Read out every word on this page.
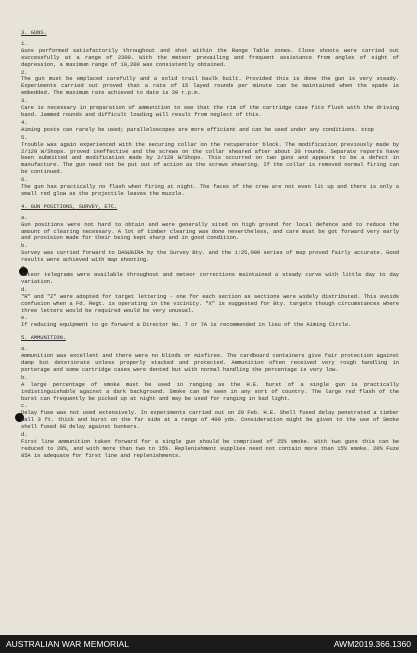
3. GUNS.
1.
Guns performed satisfactorily throughout and shot within the Range Table zones. Close shoots were carried out successfully at a range of 2300. With the meteor prevailing and frequent assistance from angles of sight of depression, a maximum range of 10,200 was consistently obtained.
2.
The gun must be emplaced carefully and a solid trail baulk built. Provided this is done the gun is very steady. Experiments carried out proved that a rate of 15 layed rounds per minute can be maintained when the spade is embedded. The maximum rate achieved to date is 20 r.p.m.
3.
Care is necessary in preparation of ammunition to see that the rim of the cartridge case fits flush with the driving band. Jammed rounds and difficult loading will result from neglect of this.
4.
Aiming posts can rarely be used; paralleloscopes are more efficient and can be used under any conditions. stop
5.
Trouble was again experienced with the securing collar on the recuperator block. The modification previously made by 2/129 W/Shops. proved ineffective and the screws on the collar sheared after about 20 rounds. Separate reports have been submitted and modification made by 2/128 W/Shops. This occurred on two guns and appears to be a defect in manufacture. The gun need not be put out of action as the screws shearing. If the collar is removed normal firing can be continued.
6.
The gun has practically no flash when firing at night. The faces of the crew are not even lit up and there is only a small red glow as the projectile leaves the muzzle.
4. GUN POSITIONS, SURVEY, ETC.
a.
Gun positions were not hard to obtain and were generally sited on high ground for local defence and to reduce the amount of clearing necessary. A lot of timber clearing was done nevertheless, and care must be got forward very early and provision made for their being kept sharp and in good condition.
b.
Survey was carried forward to DAGUGIRA by the Survey Bty. and the 1:25,000 series of map proved fairly accurate. Good results were achieved with map shooting.
c.
Meteor telegrams were available throughout and meteor corrections maintained a steady curve with little day to day variation.
d.
"R" and "Z" were adopted for target lettering - one for each section as sections were widely distributed. This avoids confusion when a Fd. Regt. is operating in the vicinity. "X" is suggested for Bty. targets though circumstances where three letters would be required would be very unusual.
e.
If reducing equipment to go forward a Director No. 7 or 7A is recommended in lieu of the Aiming Circle.
5. AMMUNITION.
a.
Ammunition was excellent and there were no blinds or misfires. The cardboard containers give fair protection against damp but deteriorate unless properly stacked and protected. Ammunition often received very rough handling in porterage and some cartridge cases were dented but with normal handling the percentage is very low.
b.
A large percentage of smoke must be used in ranging as the H.E. burst of a single gun is practically indistinguishable against a dark background. Smoke can be seen in any sort of country. The large red flash of the burst can frequently be picked up at night and may be used for ranging in bad light.
c.
Delay fuse was not used extensively. In experiments carried out on 29 Feb. H.E. Shell fused delay penetrated a timber wall 3 ft. thick and burst on the far side at a range of 400 yds. Consideration might be given to the use of Smoke shell fused 88 delay against bunkers.
d.
First line ammunition taken forward for a single gun should be comprised of 25% smoke. With two guns this can be reduced to 20%, and with more than two to 15%. Replenishment supplies need not contain more than 15% smoke. 20% Fuze 85A is adequate for first line and replenishments.
AUSTRALIAN WAR MEMORIAL	AWM2019.366.1360
